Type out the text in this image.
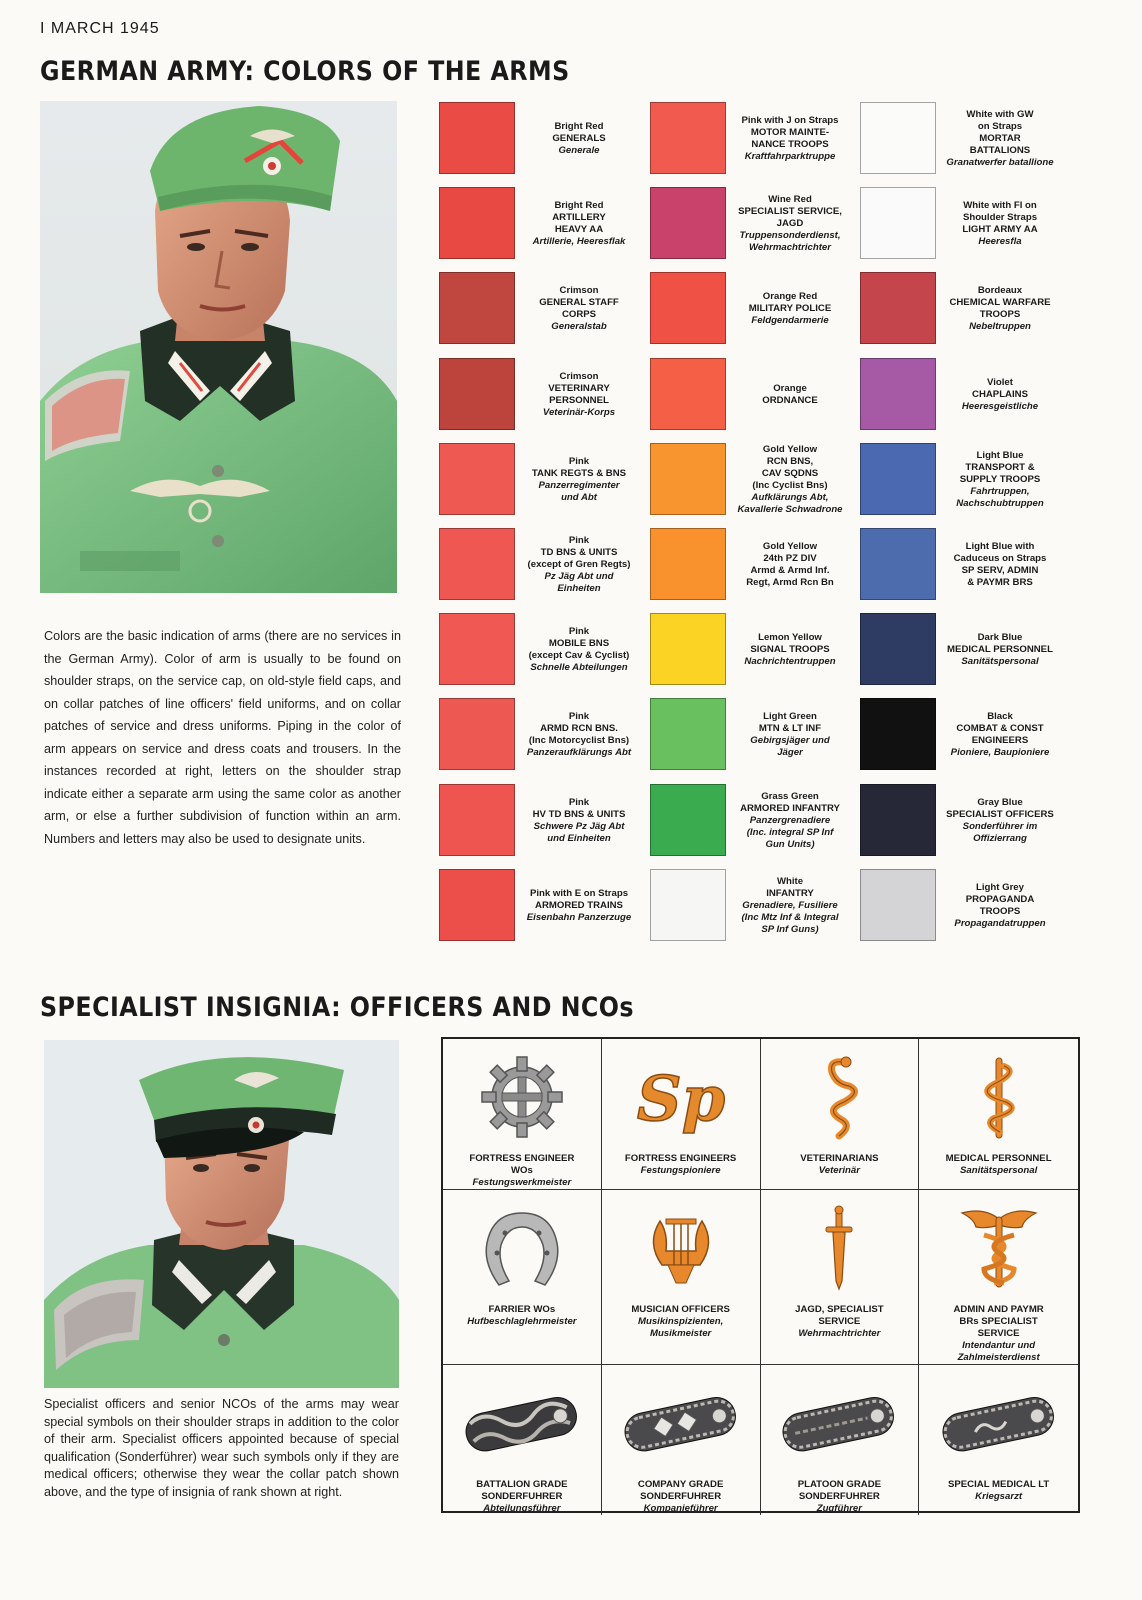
I MARCH 1945
GERMAN ARMY: COLORS OF THE ARMS
Colors are the basic indication of arms (there are no services in the German Army). Color of arm is usually to be found on shoulder straps, on the service cap, on old-style field caps, and on collar patches of line officers' field uniforms, and on collar patches of service and dress uniforms. Piping in the color of arm appears on service and dress coats and trousers. In the instances recorded at right, letters on the shoulder strap indicate either a separate arm using the same color as another arm, or else a further subdivision of function within an arm. Numbers and letters may also be used to designate units.
Bright Red
GENERALS
Generale
Bright Red
ARTILLERY
HEAVY AA
Artillerie, Heeresflak
Crimson
GENERAL STAFF
CORPS
Generalstab
Crimson
VETERINARY
PERSONNEL
Veterinär-Korps
Pink
TANK REGTS & BNS
Panzerregimenter
und Abt
Pink
TD BNS & UNITS
(except of Gren Regts)
Pz Jäg Abt und
Einheiten
Pink
MOBILE BNS
(except Cav & Cyclist)
Schnelle Abteilungen
Pink
ARMD RCN BNS.
(Inc Motorcyclist Bns)
Panzeraufklärungs Abt
Pink
HV TD BNS & UNITS
Schwere Pz Jäg Abt
und Einheiten
Pink with E on Straps
ARMORED TRAINS
Eisenbahn Panzerzuge
Pink with J on Straps
MOTOR MAINTE-
NANCE TROOPS
Kraftfahrparktruppe
Wine Red
SPECIALIST SERVICE,
JAGD
Truppensonderdienst,
Wehrmachtrichter
Orange Red
MILITARY POLICE
Feldgendarmerie
Orange
ORDNANCE
Gold Yellow
RCN BNS,
CAV SQDNS
(Inc Cyclist Bns)
Aufklärungs Abt,
Kavallerie Schwadrone
Gold Yellow
24th PZ DIV
Armd & Armd Inf.
Regt, Armd Rcn Bn
Lemon Yellow
SIGNAL TROOPS
Nachrichtentruppen
Light Green
MTN & LT INF
Gebirgsjäger und
Jäger
Grass Green
ARMORED INFANTRY
Panzergrenadiere
(Inc. integral SP Inf
Gun Units)
White
INFANTRY
Grenadiere, Fusiliere
(Inc Mtz Inf & Integral
SP Inf Guns)
White with GW
on Straps
MORTAR
BATTALIONS
Granatwerfer batallione
White with Fl on
Shoulder Straps
LIGHT ARMY AA
Heeresfla
Bordeaux
CHEMICAL WARFARE
TROOPS
Nebeltruppen
Violet
CHAPLAINS
Heeresgeistliche
Light Blue
TRANSPORT &
SUPPLY TROOPS
Fahrtruppen,
Nachschubtruppen
Light Blue with
Caduceus on Straps
SP SERV, ADMIN
& PAYMR BRS
Dark Blue
MEDICAL PERSONNEL
Sanitätspersonal
Black
COMBAT & CONST
ENGINEERS
Pioniere, Baupioniere
Gray Blue
SPECIALIST OFFICERS
Sonderführer im
Offizierrang
Light Grey
PROPAGANDA
TROOPS
Propagandatruppen
SPECIALIST INSIGNIA: OFFICERS AND NCOs
Specialist officers and senior NCOs of the arms may wear special symbols on their shoulder straps in addition to the color of their arm. Specialist officers appointed because of special qualification (Sonderführer) wear such symbols only if they are medical officers; otherwise they wear the collar patch shown above, and the type of insignia of rank shown at right.
FORTRESS ENGINEER
WOs
Festungswerkmeister
Sp
FORTRESS ENGINEERS
Festungspioniere
VETERINARIANS
Veterinär
MEDICAL PERSONNEL
Sanitätspersonal
FARRIER WOs
Hufbeschlaglehrmeister
MUSICIAN OFFICERS
Musikinspizienten,
Musikmeister
JAGD, SPECIALIST
SERVICE
Wehrmachtrichter
ADMIN AND PAYMR
BRs SPECIALIST
SERVICE
Intendantur und
Zahlmeisterdienst
BATTALION GRADE
SONDERFUHRER
Abteilungsführer
COMPANY GRADE
SONDERFUHRER
Kompanieführer
PLATOON GRADE
SONDERFUHRER
Zugführer
SPECIAL MEDICAL LT
Kriegsarzt
